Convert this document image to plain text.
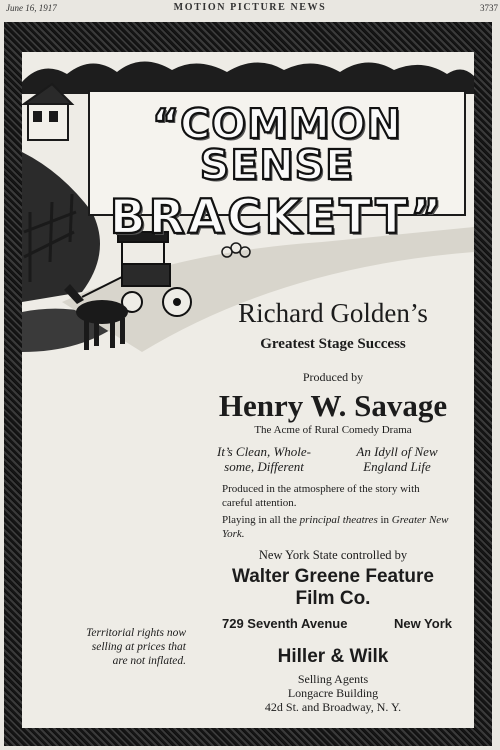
June 16, 1917	MOTION PICTURE NEWS	3737
“COMMON SENSE
BRACKETT”
Richard Golden’s
Greatest Stage Success
Produced by
Henry W. Savage
The Acme of Rural Comedy Drama
It’s Clean, Whole-
some, Different
An Idyll of New
England Life
Produced in the atmosphere of the story with careful attention.
Playing in all the principal theatres in Greater New York.
New York State controlled by
Walter Greene Feature
Film Co.
729 Seventh Avenue	New York
Hiller & Wilk
Selling Agents
Longacre Building
42d St. and Broadway, N. Y.
Territorial rights now
selling at prices that
are not inflated.
